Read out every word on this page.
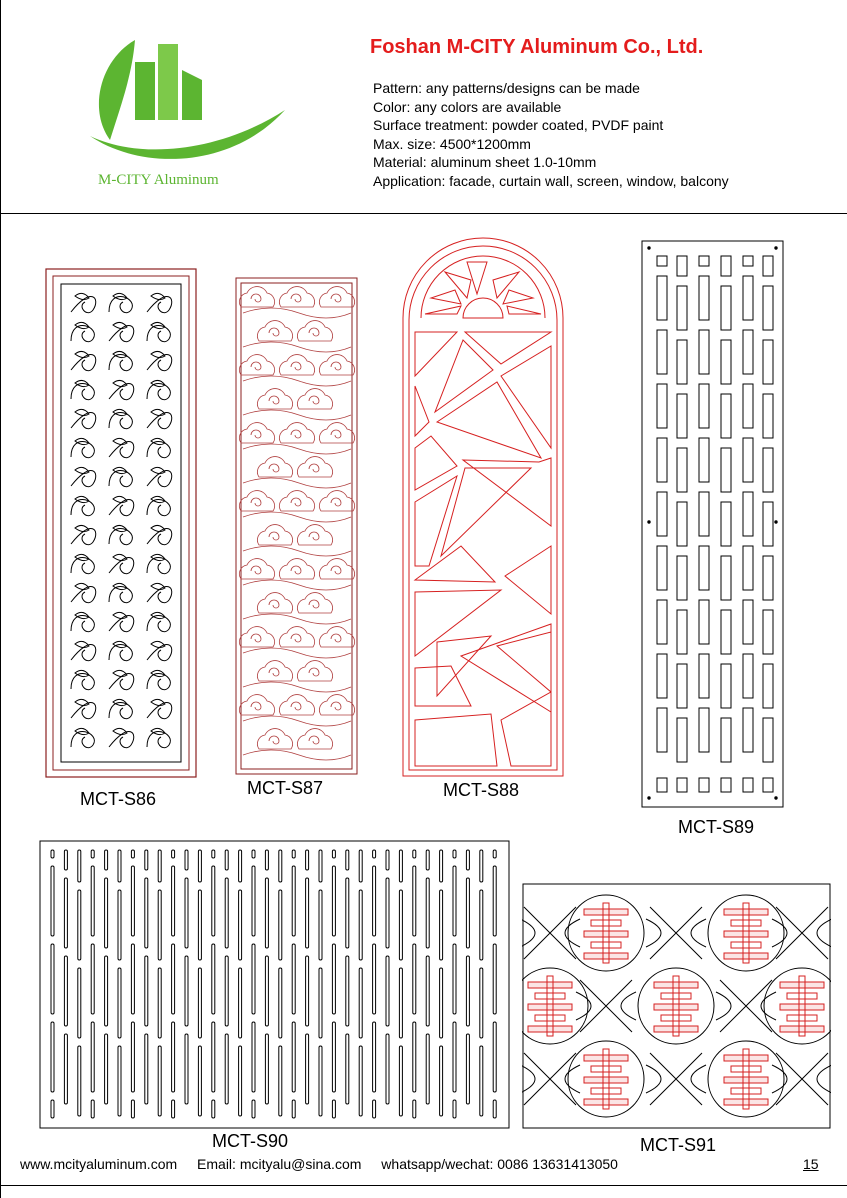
M-CITY Aluminum
Foshan M-CITY Aluminum Co., Ltd.
Pattern: any patterns/designs can be made
Color: any colors are available
Surface treatment: powder coated, PVDF paint
Max. size: 4500*1200mm
Material: aluminum sheet 1.0-10mm
Application: facade, curtain wall, screen, window, balcony
MCT-S86
MCT-S87	MCT-S88
MCT-S89
MCT-S90	MCT-S91
www.mcityaluminum.com Email: mcityalu@sina.com whatsapp/wechat: 0086 13631413050	15
